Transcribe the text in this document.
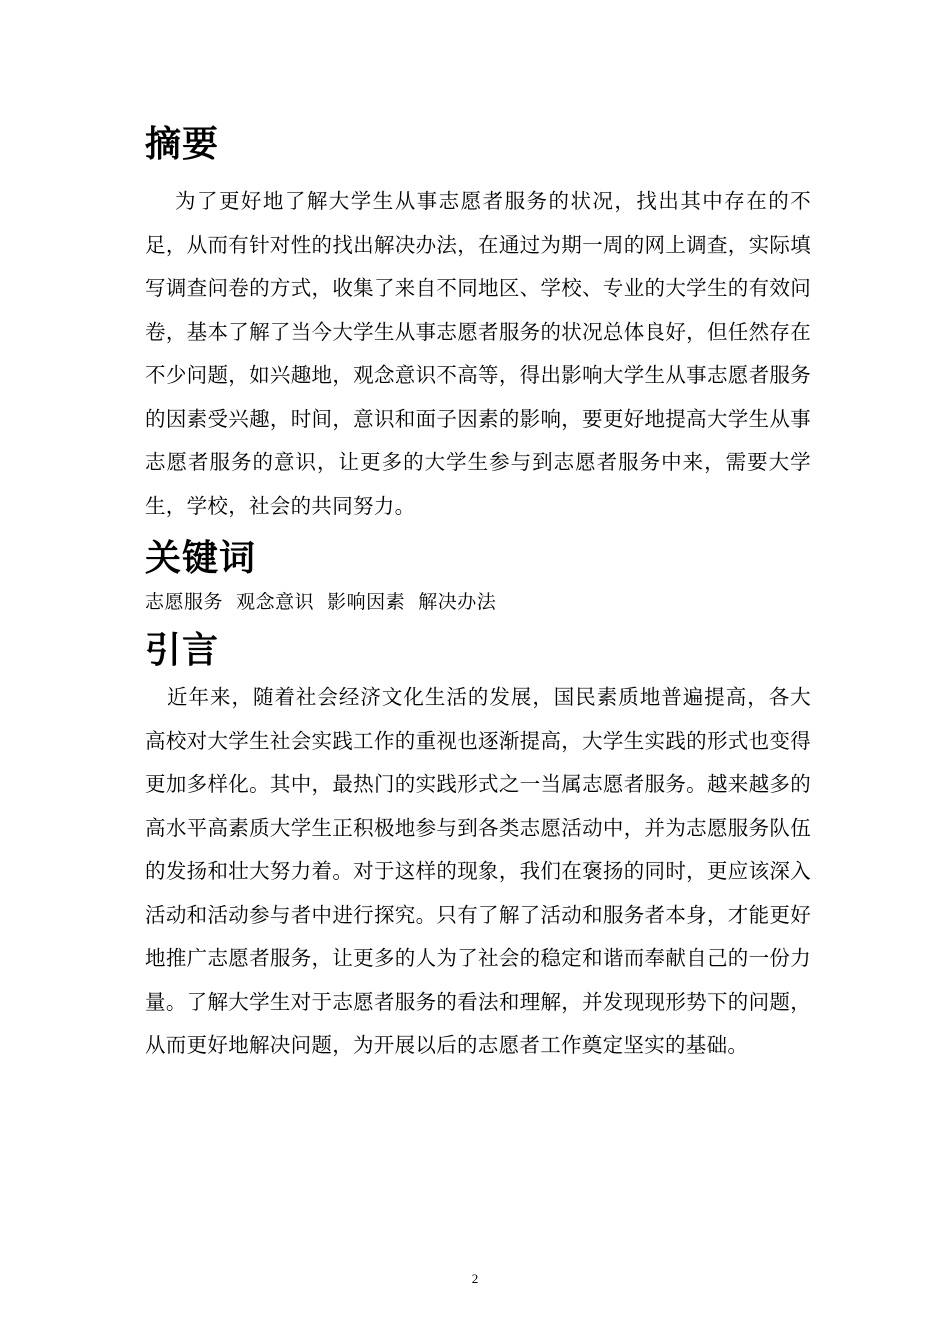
摘要

为了更好地了解大学生从事志愿者服务的状况，找出其中存在的不足，从而有针对性的找出解决办法，在通过为期一周的网上调查，实际填写调查问卷的方式，收集了来自不同地区、学校、专业的大学生的有效问卷，基本了解了当今大学生从事志愿者服务的状况总体良好，但任然存在不少问题，如兴趣地，观念意识不高等，得出影响大学生从事志愿者服务的因素受兴趣，时间，意识和面子因素的影响，要更好地提高大学生从事志愿者服务的意识，让更多的大学生参与到志愿者服务中来，需要大学生，学校，社会的共同努力。

关键词

志愿服务  观念意识  影响因素  解决办法

引言

近年来，随着社会经济文化生活的发展，国民素质地普遍提高，各大高校对大学生社会实践工作的重视也逐渐提高，大学生实践的形式也变得更加多样化。其中，最热门的实践形式之一当属志愿者服务。越来越多的高水平高素质大学生正积极地参与到各类志愿活动中，并为志愿服务队伍的发扬和壮大努力着。对于这样的现象，我们在褒扬的同时，更应该深入活动和活动参与者中进行探究。只有了解了活动和服务者本身，才能更好地推广志愿者服务，让更多的人为了社会的稳定和谐而奉献自己的一份力量。了解大学生对于志愿者服务的看法和理解，并发现现形势下的问题，从而更好地解决问题，为开展以后的志愿者工作奠定坚实的基础。

2
